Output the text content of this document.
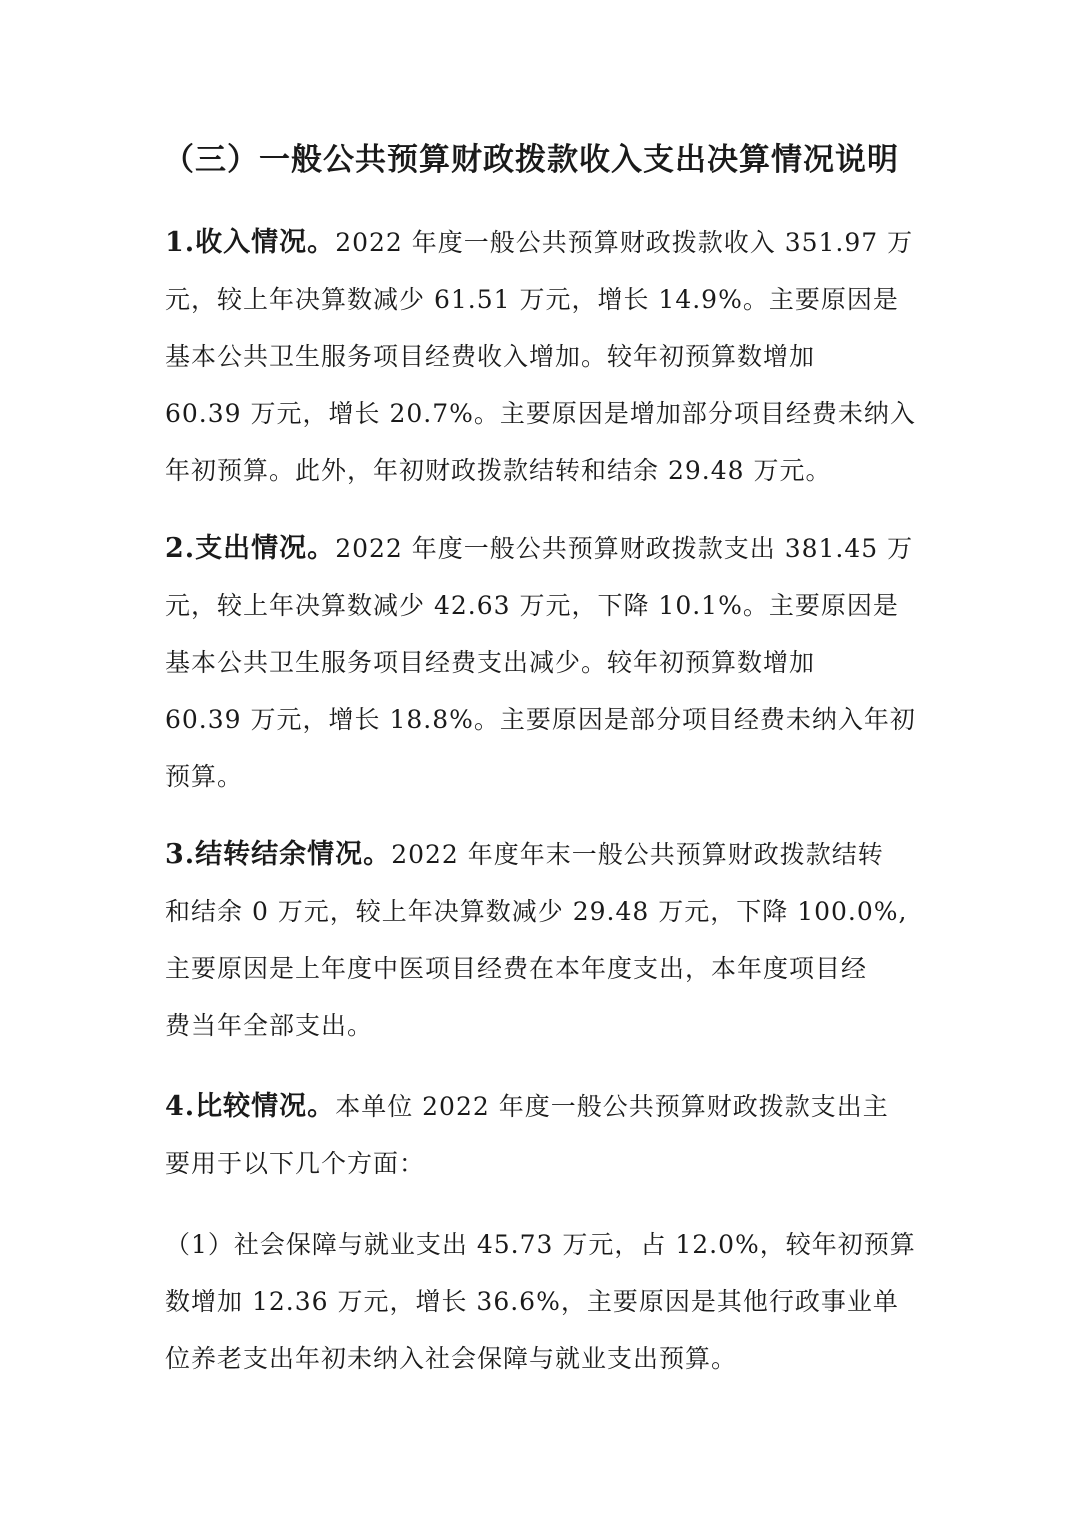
（三）一般公共预算财政拨款收入支出决算情况说明

1.收入情况。2022 年度一般公共预算财政拨款收入 351.97 万
元，较上年决算数减少 61.51 万元，增长 14.9%。主要原因是
基本公共卫生服务项目经费收入增加。较年初预算数增加
60.39 万元，增长 20.7%。主要原因是增加部分项目经费未纳入
年初预算。此外，年初财政拨款结转和结余 29.48 万元。

2.支出情况。2022 年度一般公共预算财政拨款支出 381.45 万
元，较上年决算数减少 42.63 万元，下降 10.1%。主要原因是
基本公共卫生服务项目经费支出减少。较年初预算数增加
60.39 万元，增长 18.8%。主要原因是部分项目经费未纳入年初
预算。

3.结转结余情况。2022 年度年末一般公共预算财政拨款结转
和结余 0 万元，较上年决算数减少 29.48 万元，下降 100.0%,
主要原因是上年度中医项目经费在本年度支出，本年度项目经
费当年全部支出。

4.比较情况。本单位 2022 年度一般公共预算财政拨款支出主
要用于以下几个方面：

（1）社会保障与就业支出 45.73 万元，占 12.0%，较年初预算
数增加 12.36 万元，增长 36.6%，主要原因是其他行政事业单
位养老支出年初未纳入社会保障与就业支出预算。
